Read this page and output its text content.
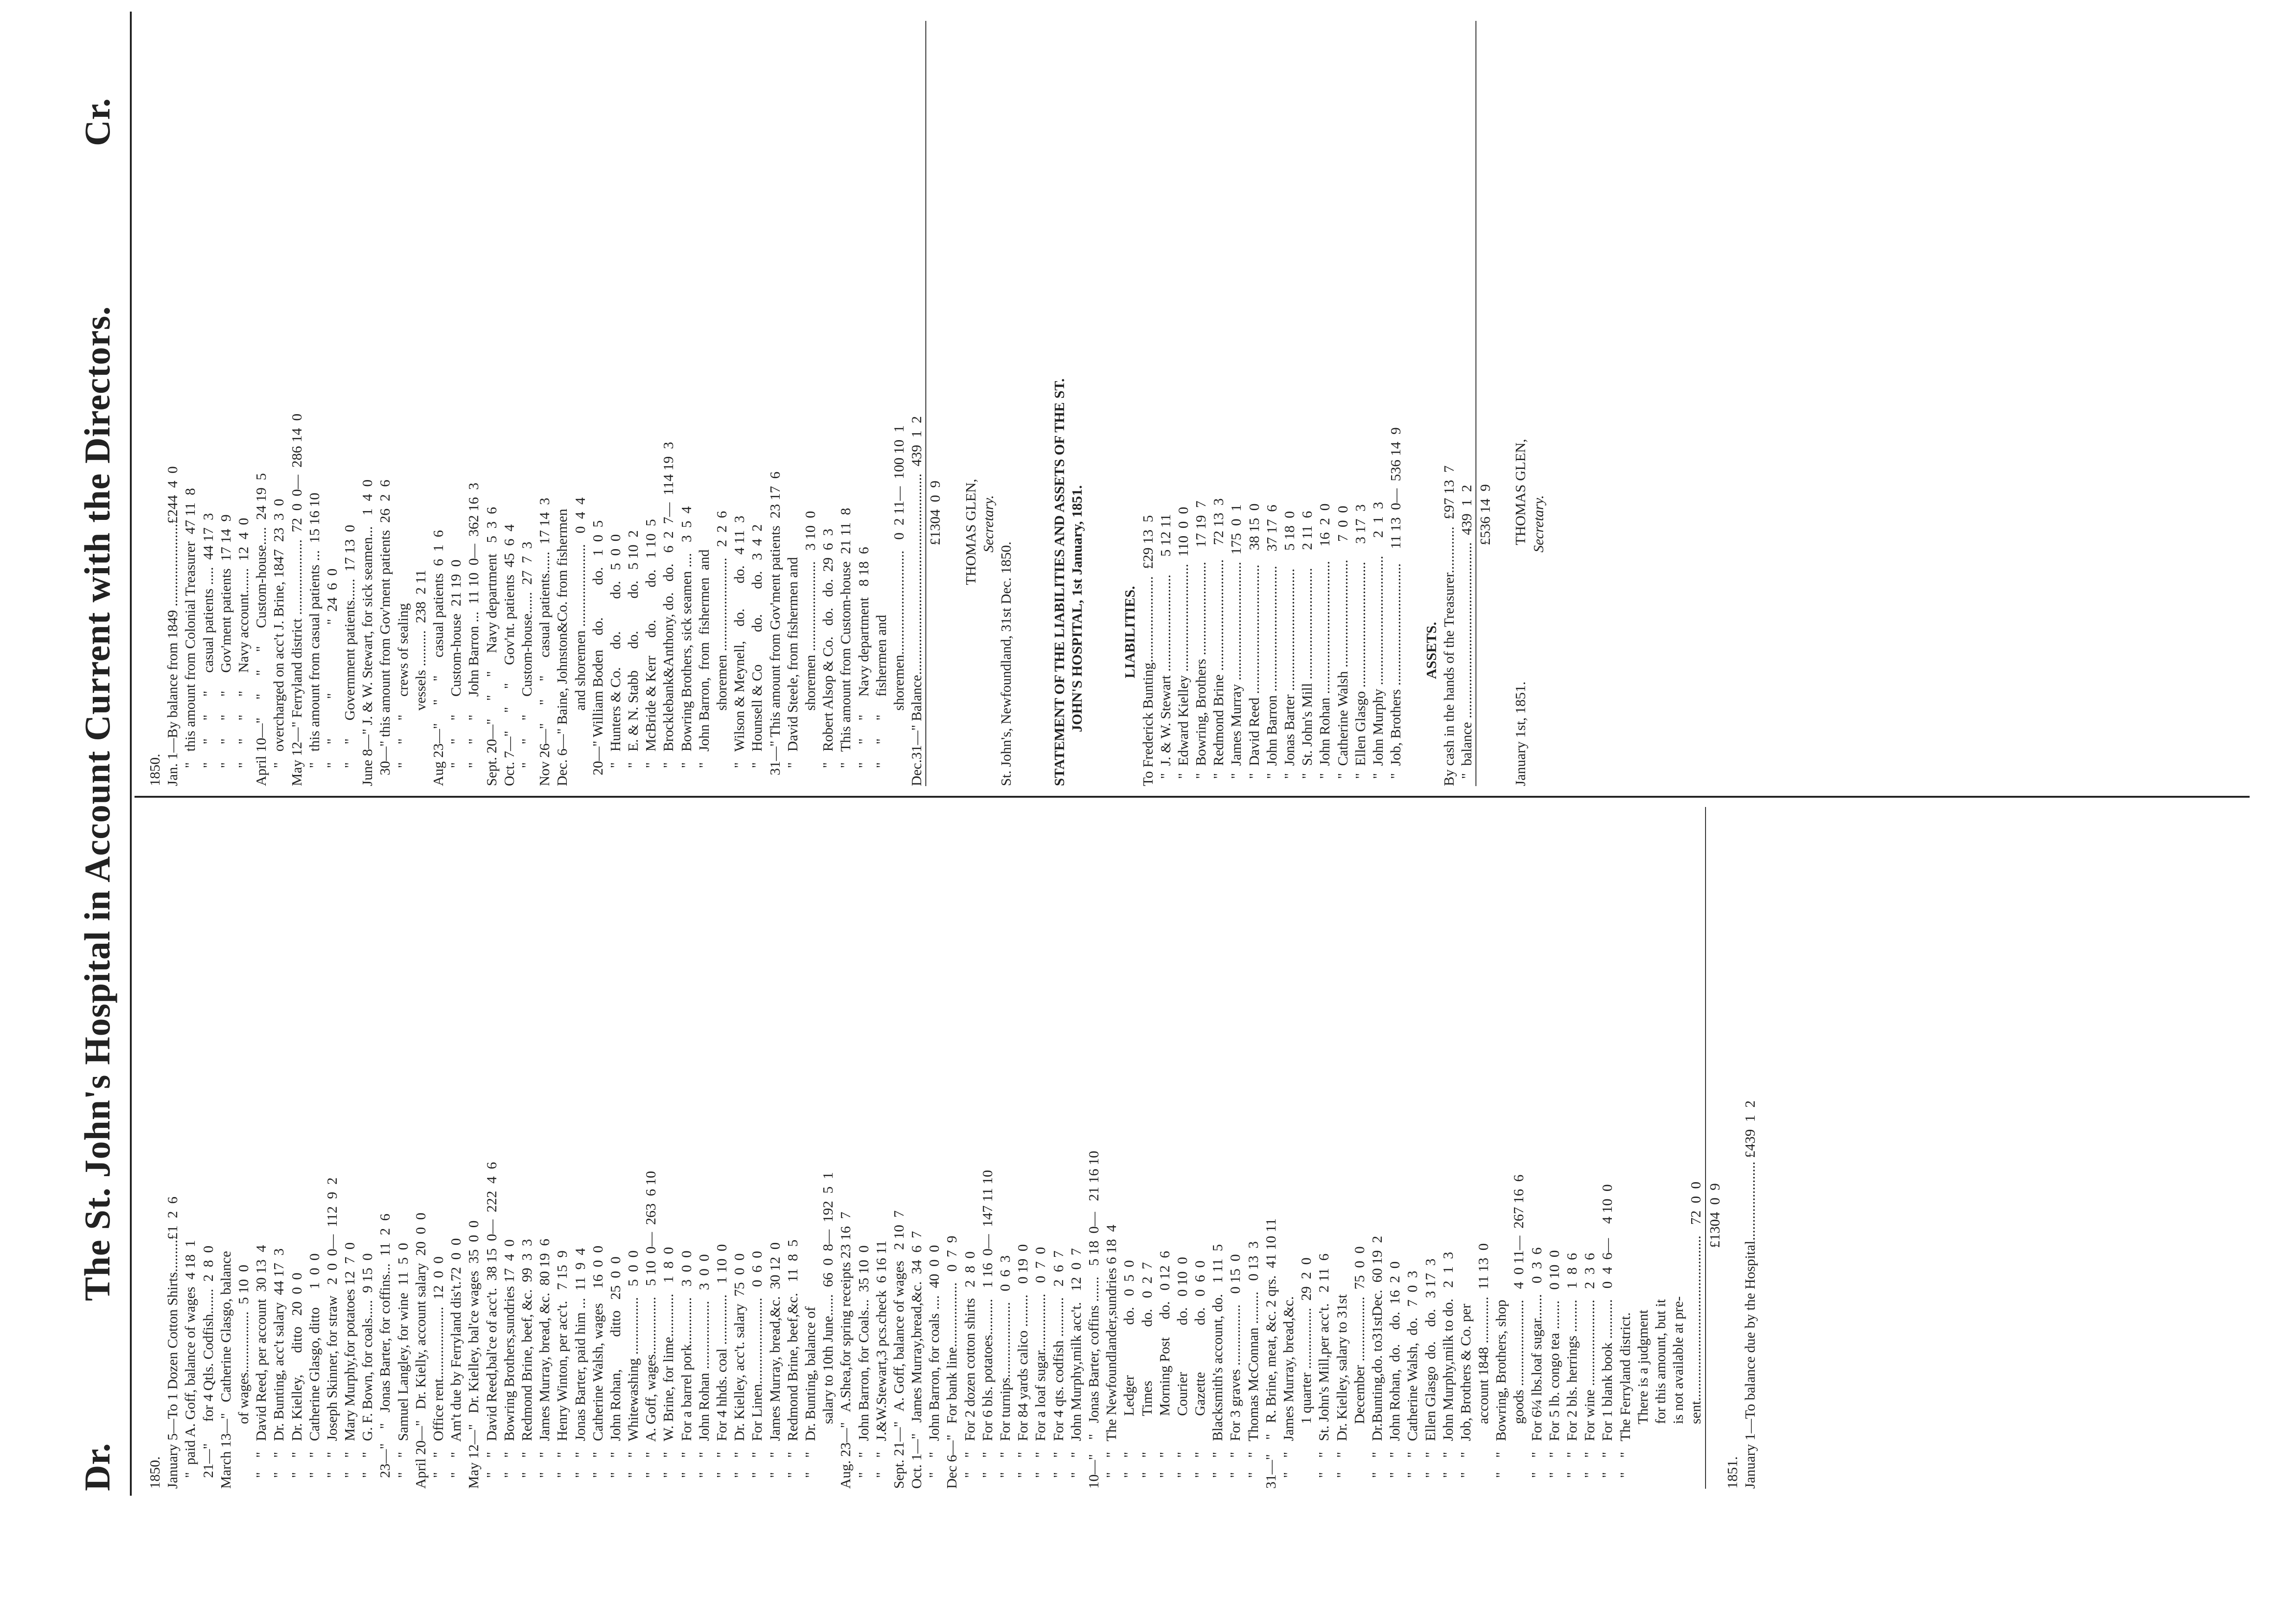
Dr.
The St. John's Hospital in Account Current with the Directors.
Cr.
1850. January 5—To 1 Dozen Cotton Shirts.........£1  2  6 "  paid A. Goff, balance of wages  4 18  1 21—"      for 4 Qtls. Codfish.......  2  8  0 March 13—"   Catherine Glasgo, balance of wages.................  5 10  0 "    "   David Reed, per account  30 13  4 "    "   Dr. Bunting, acc't salary  44 17  3 "    "   Dr. Kielley,      ditto   20  0  0 "    "   Catherine Glasgo, ditto     1  0  0 "    "   Joseph Skinner, for straw   2  0  0—  112  9  2 "    "   Mary Murphy,for potatoes 12  7  0 "    "   G. F. Bown, for coals.....  9 15  0 23—"    "   Jonas Barter, for coffins...  11  2  6 "    "   Samuel Langley, for wine  11  5  0 April 20—"   Dr. Kielly, account salary  20  0  0 "    "   Office rent....................  12  0  0 "    "   Am't due by Ferryland dis't.72  0  0 May 12—"   Dr. Kielley, bal'ce wages  35  0  0 "    "   David Reed,bal'ce of acc't.  38 15  0—  222  4  6 "    "   Bowring Brothers,sundries 17  4  0 "    "   Redmond Brine, beef, &c.  99  3  3 "    "   James Murray, bread, &c.  80 19  6 "    "   Henry Winton, per acc't.   7 15  9 "    "   Jonas Barter, paid him ...  11  9  4 "    "   Catherine Walsh, wages    16  0  0 "    "   John Rohan,         ditto   25  0  0 "    "   Whitewashing ................   5  0  0 "    "   A. Goff, wages................   5 10  0—  263  6 10 "    "   W. Brine, for lime............   1  8  0 "    "   For a barrel pork.............   3  0  0 "    "   John Rohan ...................   3  0  0 "    "   For 4 hhds. coal ..............   1 10  0 "    "   Dr. Kielley, acc't. salary  75  0  0 "    "   For Linen........................   0  6  0 "    "   James Murray, bread,&c.  30 12  0 "    "   Redmond Brine, beef,&c.   11  8  5 "    "   Dr. Bunting, balance of salary to 10th June......  66  0  8—  192  5  1 Aug. 23—"   A.Shea,for spring receipts 23 16  7 "    "   John Barron, for Coals...  35 10  0 "    "   J.&W.Stewart,3 pcs.check  6 16 11 Sept. 21—"   A. Goff, balance of wages   2 10  7 Oct. 1—"   James Murray,bread,&c.  34  6  7 "    "   John Barron, for coals ....  40  0  0 Dec 6—"   For bank line..................   0  7  9 "    "   For 2 dozen cotton shirts   2  8  0 "    "   For 6 bls. potatoes..........   1 16  0—  147 11 10 "    "   For turnips.....................   0  6  3 "    "   For 84 yards calico .........   0 19  0 "    "   For a loaf sugar................   0  7  0 "    "   For 4 qts. codfish ...........   2  6  7 "    "   John Murphy,milk acc't.   12  0  7 10—"    "   Jonas Barter, coffins .......   5 18  0—   21 16 10 "    "   The Newfoundlander,sundries 6 18  4 "    "          Ledger              do.   0  5  0 "    "          Times               do.   0  2  7 "    "          Morning Post     do.   0 12  6 "    "          Courier             do.   0 10  0 "    "          Gazette             do.   0  6  0 "    "   Blacksmith's account, do.   1 11  5 "    "   For 3 graves .................   0 15  0 "    "   Thomas McConnan .........   0 13  3 31—"    "   R. Brine, meat, &c. 2 qrs.  41 10 11 "    "   James Murray, bread,&c. 1 quarter .................  29  2  0 "    "   St. John's Mill,per acc't.   2 11  6 "    "   Dr. Kielley, salary to 31st December ..................  75  0  0 "    "   Dr.Bunting,do. to31stDec.  60 19  2 "    "   John Rohan,  do.    do.  16  2  0 "    "   Catherine Walsh,  do.   7  0  3 "    "   Ellen Glasgo  do.    do.   3 17  3 "    "   John Murphy,milk to do.   2  1  3 "    "   Job, Brothers & Co. per account 1848 .............  11 13  0 "    "   Bowring, Brothers, shop goods ........................   4  0 11—  267 16  6 "    "   For 6¼ lbs.loaf sugar.......   0  3  6 "    "   For 5 lb. congo tea ........   0 10  0 "    "   For 2 bls. herrings .........   1  8  6 "    "   For wine ........................   2  3  6 "    "   For 1 blank book ...........   0  4  6—    4 10  0 "    "   The Ferryland district. There is a judgment for this amount, but it is not available at pre- sent..............................................   72  0  0 £1304  0  9 1851. January 1—To balance due by the Hospital...................... £439  1  2
1850. Jan. 1—By balance from 1849 .......................£244  4  0 "   this amount from Colonial Treasurer  47 11  8 "     "     "     "     casual patients .....  44 17  3 "     "     "     "     Gov'ment patients  17 14  9 "     "     "     "     Navy account.......  12  4  0 April 10—"     "     "     "     Custom-house.....  24 19  5 "   overcharged on acc't J. Brine, 1847  23  3  0 May 12—" Ferryland district .....................  72  0  0—  286 14  0 "   this amount from casual patients ...  15 16 10 "     "           "                   "  24  6  0 "     "     Government patients......  17 13  0 June 8—" J. & W. Stewart, for sick seamen...   1  4  0 30—" this amount from Gov'ment patients  26  2  6 "     "     "     crews of sealing vessels ..........  238  2 11 Aug 23—"     "     "     casual patients  6  1  6 "     "     "     Custom-house  21 19  0 "     "     "     John Barron ...  11 10  0—  362 16  3 Sept. 20—"     "     "     Navy department   5  3  6 Oct. 7—"     "     "     Gov'nt. patients  45  6  4 "     "     "     Custom-house......  27  7  3 Nov 26—"     "     "     casual patients......  17 14  3 Dec. 6—" Baine, Johnston&Co. from fishermen and shoremen .......................   0  4  4 20—" William Boden    do.         do.   1  0  5 "   Hunters & Co.     do.         do.   5  0  0 "   E. & N. Stabb      do.         do.   5 10  2 "   McBride & Kerr     do.         do.   1 10  5 "   Brocklebank&Anthony, do.   do.   6  2  7—  114 19  3 "   Bowring Brothers, sick seamen ....   3  5  4 "   John Barron,  from  fishermen  and shoremen ..........................   2  2  6 "   Wilson & Meynell,    do.       do.   4 11  3 "   Hounsell & Co         do.       do.   3  4  2 31—" This amount from Gov'ment patients  23 17  6 "   David Steele, from fishermen and shoremen .........................   3 10  0 "   Robert Alsop & Co.   do.   do.  29  6  3 "   This amount from Custom-house  21 11  8 "     "     "     Navy department   8 18  6 "     "     "     fishermen and shoremen.............................   0  2 11—  100 10  1 Dec.31—" Balance........................................................  439  1  2 £1304  0  9 THOMAS GLEN, Secretary. St. John's, Newfoundland, 31st Dec. 1850.	STATEMENT OF THE LIABILITIES AND ASSETS OF THE ST. JOHN'S HOSPITAL, 1st January, 1851.	LIABILITIES. To Frederick Bunting........................  £29 13  5 "  J. & W. Stewart ...........................     5 12 11 "  Edward Kielley ..............................  110  0  0 "  Bowring, Brothers ..........................    17 19  7 "  Redmond Brine ...............................    72 13  3 "  James Murray .................................  175  0  1 "  David Reed ....................................    38 15  0 "  John Barron ...................................    37 17  6 "  Jonas Barter ..................................     5 18  0 "  St. John's Mill ...............................     2 11  6 "  John Rohan .....................................    16  2  0 "  Catherine Walsh ..............................     7  0  0 "  Ellen Glasgo ...................................     3 17  3 "  John Murphy ....................................     2  1  3 "  Job, Brothers ..................................    11 13  0—  536 14  9 ASSETS. By cash in the hands of the Treasurer.............  £97 13  7 "  balance .................................................  439  1  2 £536 14  9 January 1st, 1851.                                      THOMAS GLEN, Secretary.
